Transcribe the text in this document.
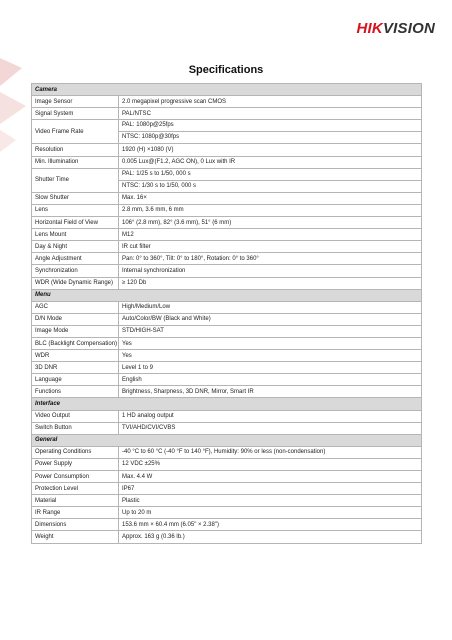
HIKVISION
Specifications
Camera	
Image Sensor	2.0 megapixel progressive scan CMOS
Signal System	PAL/NTSC
Video Frame Rate	PAL: 1080p@25fps
NTSC: 1080p@30fps

Resolution	1920 (H) ×1080 (V)
Min. Illumination	0.005 Lux@(F1.2, AGC ON), 0 Lux with IR
Shutter Time	PAL: 1/25 s to 1/50, 000 s
NTSC: 1/30 s to 1/50, 000 s

Slow Shutter	Max. 16×
Lens	2.8 mm, 3.6 mm, 6 mm
Horizontal Field of View	106° (2.8 mm), 82° (3.6 mm), 51° (6 mm)
Lens Mount	M12
Day & Night	IR cut filter
Angle Adjustment	Pan: 0° to 360°, Tilt: 0° to 180°, Rotation: 0° to 360°
Synchronization	Internal synchronization
WDR (Wide Dynamic Range)	≥ 120 Db
Menu	
AGC	High/Medium/Low
D/N Mode	Auto/Color/BW (Black and White)
Image Mode	STD/HIGH-SAT
BLC (Backlight Compensation)	Yes
WDR	Yes
3D DNR	Level 1 to 9
Language	English
Functions	Brightness, Sharpness, 3D DNR, Mirror, Smart IR
Interface	
Video Output	1 HD analog output
Switch Button	TVI/AHD/CVI/CVBS
General	
Operating Conditions	-40 °C to 60 °C (-40 °F to 140 °F), Humidity: 90% or less (non-condensation)
Power Supply	12 VDC ±25%
Power Consumption	Max. 4.4 W
Protection Level	IP67
Material	Plastic
IR Range	Up to 20 m
Dimensions	153.6 mm × 60.4 mm (6.05" × 2.38")
Weight	Approx. 163 g (0.36 lb.)
